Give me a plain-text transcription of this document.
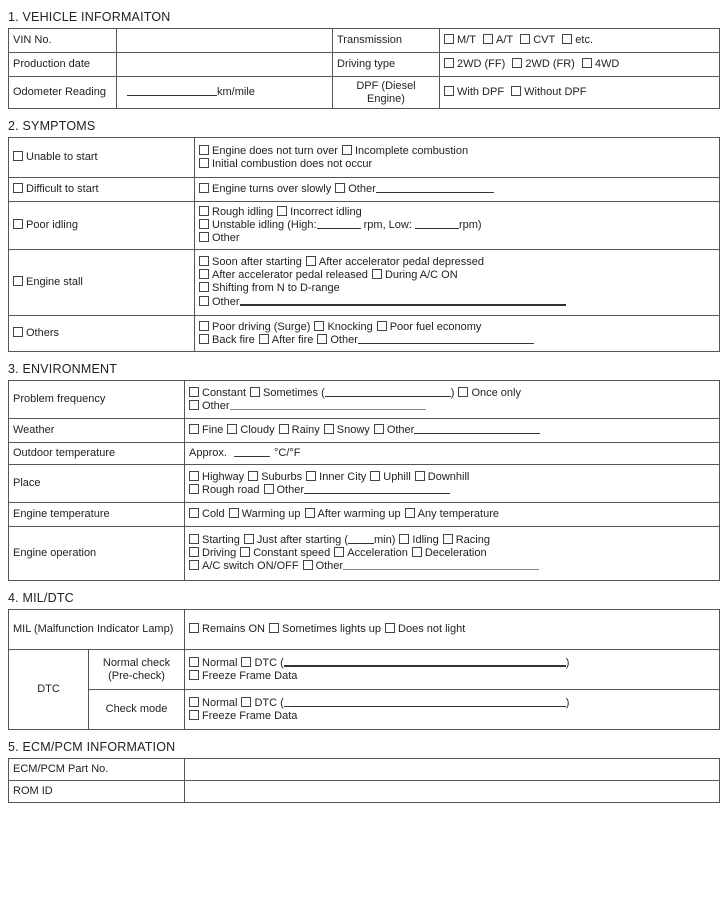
1. VEHICLE INFORMAITON
VIN No.		Transmission	M/T A/T CVT etc.
Production date		Driving type	2WD (FF) 2WD (FR) 4WD
Odometer Reading	km/mile	DPF (Diesel Engine)	With DPF Without DPF
2. SYMPTOMS
Unable to start	Engine does not turn over Incomplete combustion
Initial combustion does not occur

Difficult to start	Engine turns over slowly Other
Poor idling	Rough idling Incorrect idling
Unstable idling (High: rpm, Low: rpm)
Other

Engine stall	Soon after starting After accelerator pedal depressed
After accelerator pedal released During A/C ON
Shifting from N to D-range
Other

Others	Poor driving (Surge) Knocking Poor fuel economy
Back fire After fire Other
3. ENVIRONMENT
Problem frequency	Constant Sometimes ( ) Once only
Other

Weather	Fine Cloudy Rainy Snowy Other
Outdoor temperature	Approx. °C/°F
Place	Highway Suburbs Inner City Uphill Downhill
Rough road Other

Engine temperature	Cold Warming up After warming up Any temperature
Engine operation	Starting Just after starting ( min) Idling Racing
Driving Constant speed Acceleration Deceleration
A/C switch ON/OFF Other
4. MIL/DTC
MIL (Malfunction Indicator Lamp)		Remains ON Sometimes lights up Does not light
DTC	Normal check (Pre-check)	Normal DTC ( )
Freeze Frame Data

	Check mode	Normal DTC ( )
Freeze Frame Data
5. ECM/PCM INFORMATION
ECM/PCM Part No.	
ROM ID	
